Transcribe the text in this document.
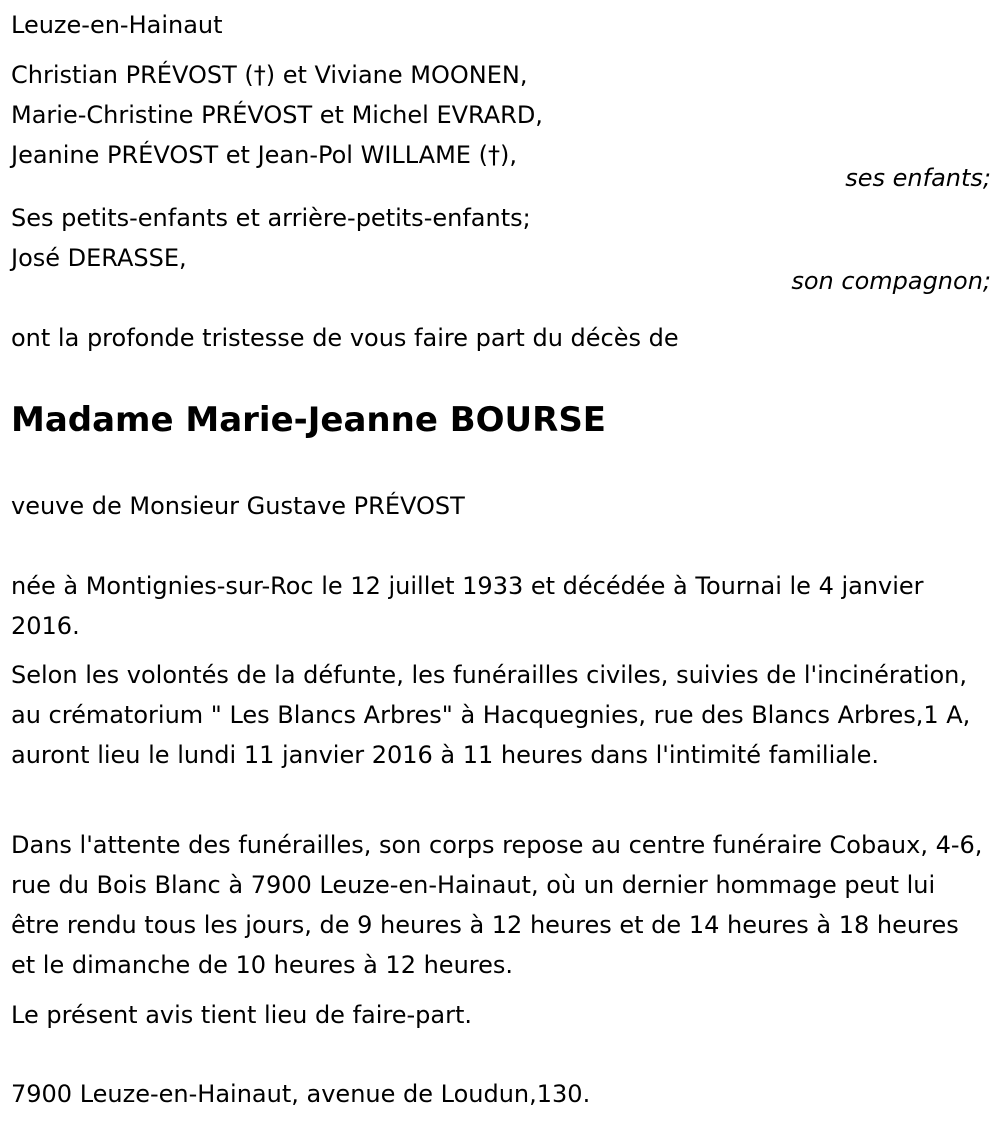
Leuze-en-Hainaut
Christian PRÉVOST (†) et Viviane MOONEN,
Marie-Christine PRÉVOST et Michel EVRARD,
Jeanine PRÉVOST et Jean-Pol WILLAME (†),
ses enfants;
Ses petits-enfants et arrière-petits-enfants;
José DERASSE,
son compagnon;
ont la profonde tristesse de vous faire part du décès de
Madame Marie-Jeanne BOURSE
veuve de Monsieur Gustave PRÉVOST
née à Montignies-sur-Roc le 12 juillet 1933 et décédée à Tournai le 4 janvier 2016.
Selon les volontés de la défunte, les funérailles civiles, suivies de l'incinération, au crématorium " Les Blancs Arbres" à Hacquegnies, rue des Blancs Arbres,1 A, auront lieu le lundi 11 janvier 2016 à 11 heures dans l'intimité familiale.
Dans l'attente des funérailles, son corps repose au centre funéraire Cobaux, 4-6, rue du Bois Blanc à 7900 Leuze-en-Hainaut, où un dernier hommage peut lui être rendu tous les jours, de 9 heures à 12 heures et de 14 heures à 18 heures et le dimanche de 10 heures à 12 heures.
Le présent avis tient lieu de faire-part.
7900 Leuze-en-Hainaut, avenue de Loudun,130.
